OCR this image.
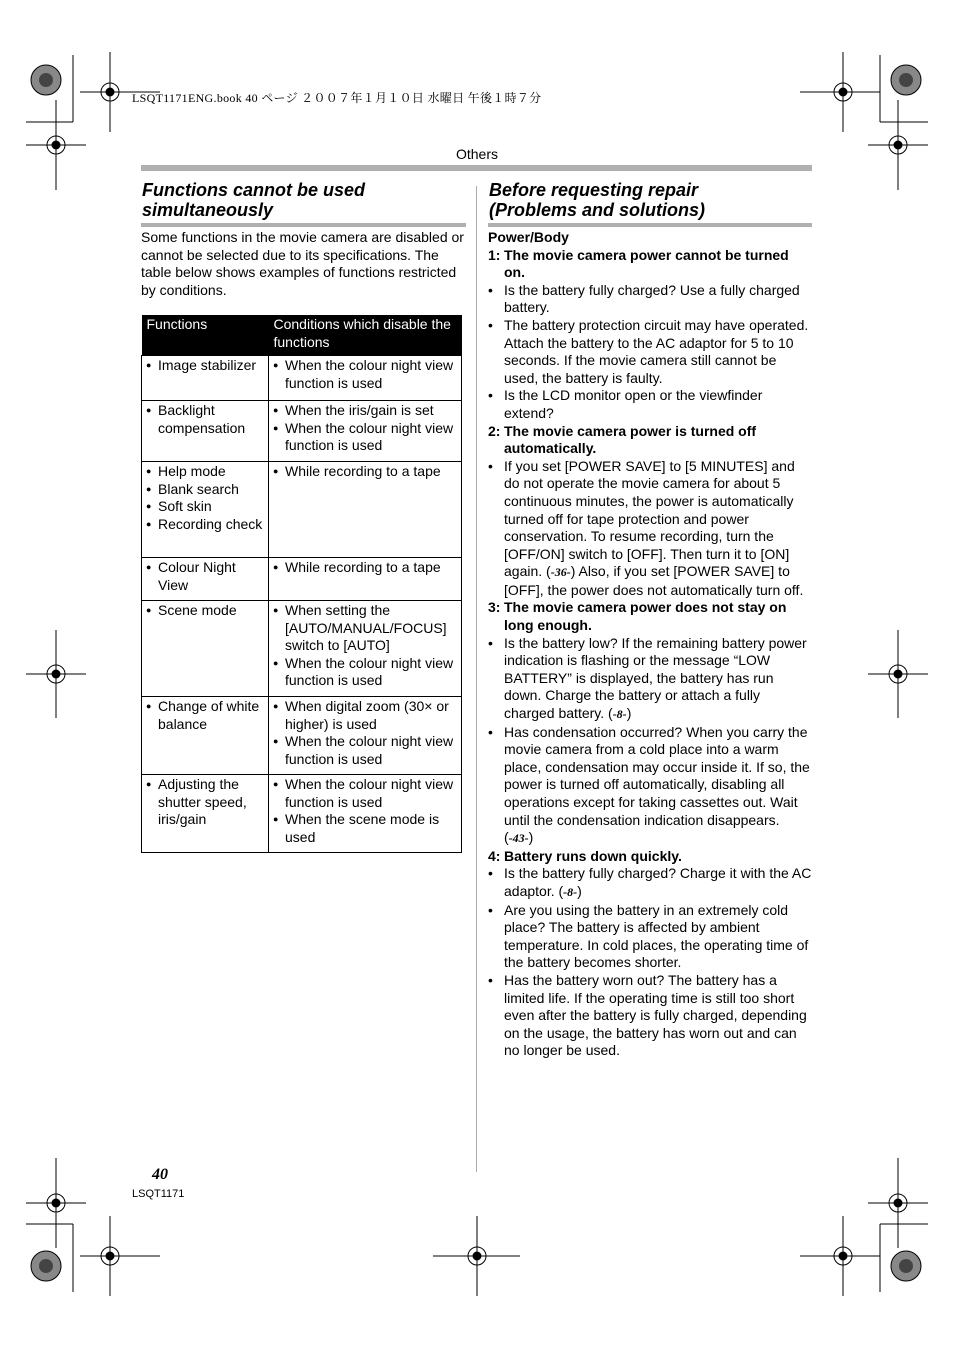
LSQT1171ENG.book 40 ページ ２００７年１月１０日 水曜日 午後１時７分
Others
Functions cannot be used
simultaneously
Some functions in the movie camera are disabled or cannot be selected due to its specifications. The table below shows examples of functions restricted by conditions.
Functions	Conditions which disable the functions

● Image stabilizer	● When the colour night view function is used

● Backlight compensation	● When the iris/gain is set
● When the colour night view function is used

● Help mode
● Blank search
● Soft skin
● Recording check	● While recording to a tape

● Colour Night View	● While recording to a tape

● Scene mode	● When setting the [AUTO/MANUAL/FOCUS] switch to [AUTO]
● When the colour night view function is used

● Change of white balance	● When digital zoom (30× or higher) is used
● When the colour night view function is used

● Adjusting the shutter speed, iris/gain	● When the colour night view function is used
● When the scene mode is used
Before requesting repair
(Problems and solutions)
Power/Body
1: The movie camera power cannot be turned on.
• Is the battery fully charged? Use a fully charged battery.
• The battery protection circuit may have operated. Attach the battery to the AC adaptor for 5 to 10 seconds. If the movie camera still cannot be used, the battery is faulty.
• Is the LCD monitor open or the viewfinder extend?
2: The movie camera power is turned off automatically.
• If you set [POWER SAVE] to [5 MINUTES] and do not operate the movie camera for about 5 continuous minutes, the power is automatically turned off for tape protection and power conservation. To resume recording, turn the [OFF/ON] switch to [OFF]. Then turn it to [ON] again. (-36-) Also, if you set [POWER SAVE] to [OFF], the power does not automatically turn off.
3: The movie camera power does not stay on long enough.
• Is the battery low? If the remaining battery power indication is flashing or the message “LOW BATTERY” is displayed, the battery has run down. Charge the battery or attach a fully charged battery. (-8-)
• Has condensation occurred? When you carry the movie camera from a cold place into a warm place, condensation may occur inside it. If so, the power is turned off automatically, disabling all operations except for taking cassettes out. Wait until the condensation indication disappears. (-43-)
4: Battery runs down quickly.
• Is the battery fully charged? Charge it with the AC adaptor. (-8-)
• Are you using the battery in an extremely cold place? The battery is affected by ambient temperature. In cold places, the operating time of the battery becomes shorter.
• Has the battery worn out? The battery has a limited life. If the operating time is still too short even after the battery is fully charged, depending on the usage, the battery has worn out and can no longer be used.
40
LSQT1171
